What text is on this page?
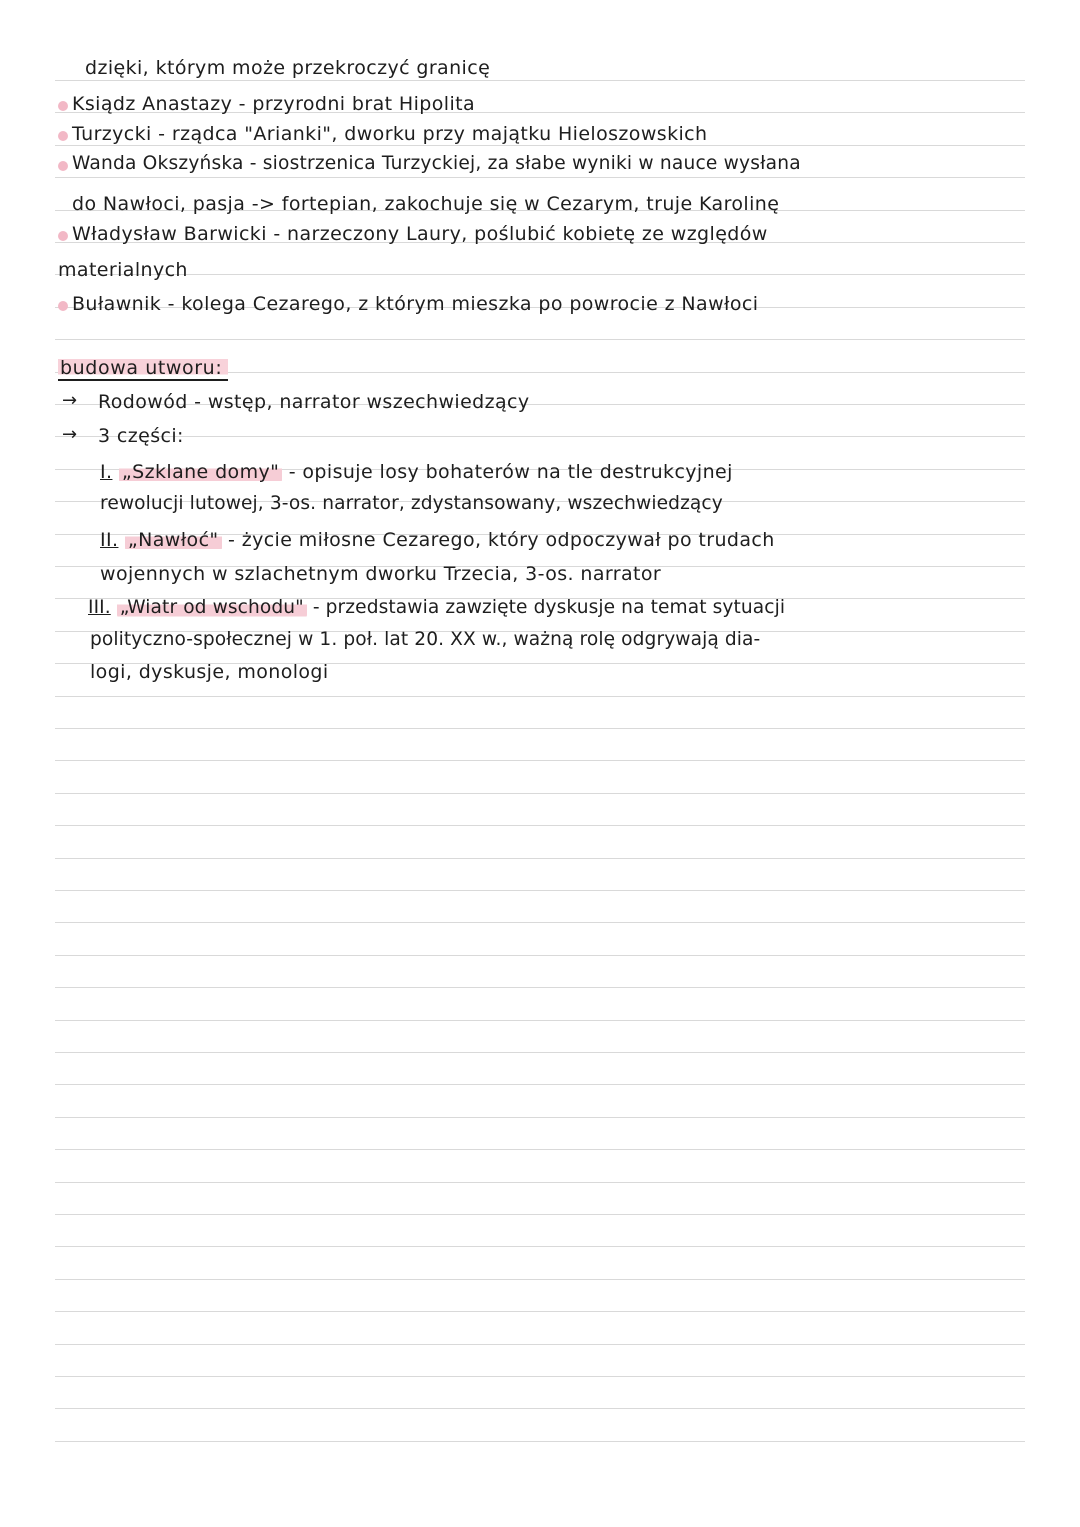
dzięki, którym może przekroczyć granicę
Ksiądz Anastazy - przyrodni brat Hipolita
Turzycki - rządca "Arianki", dworku przy majątku Hieloszowskich
Wanda Okszyńska - siostrzenica Turzyckiej, za słabe wyniki w nauce wysłana
do Nawłoci, pasja -> fortepian, zakochuje się w Cezarym, truje Karolinę
Władysław Barwicki - narzeczony Laury, poślubić kobietę ze względów
materialnych
Buławnik - kolega Cezarego, z którym mieszka po powrocie z Nawłoci
budowa utworu:
→ Rodowód - wstęp, narrator wszechwiedzący
→ 3 części:
I. „Szklane domy" - opisuje losy bohaterów na tle destrukcyjnej
rewolucji lutowej, 3-os. narrator, zdystansowany, wszechwiedzący
II. „Nawłoć" - życie miłosne Cezarego, który odpoczywał po trudach
wojennych w szlachetnym dworku Trzecia, 3-os. narrator
III. „Wiatr od wschodu" - przedstawia zawzięte dyskusje na temat sytuacji
polityczno-społecznej w 1. poł. lat 20. XX w., ważną rolę odgrywają dia-
logi, dyskusje, monologi
